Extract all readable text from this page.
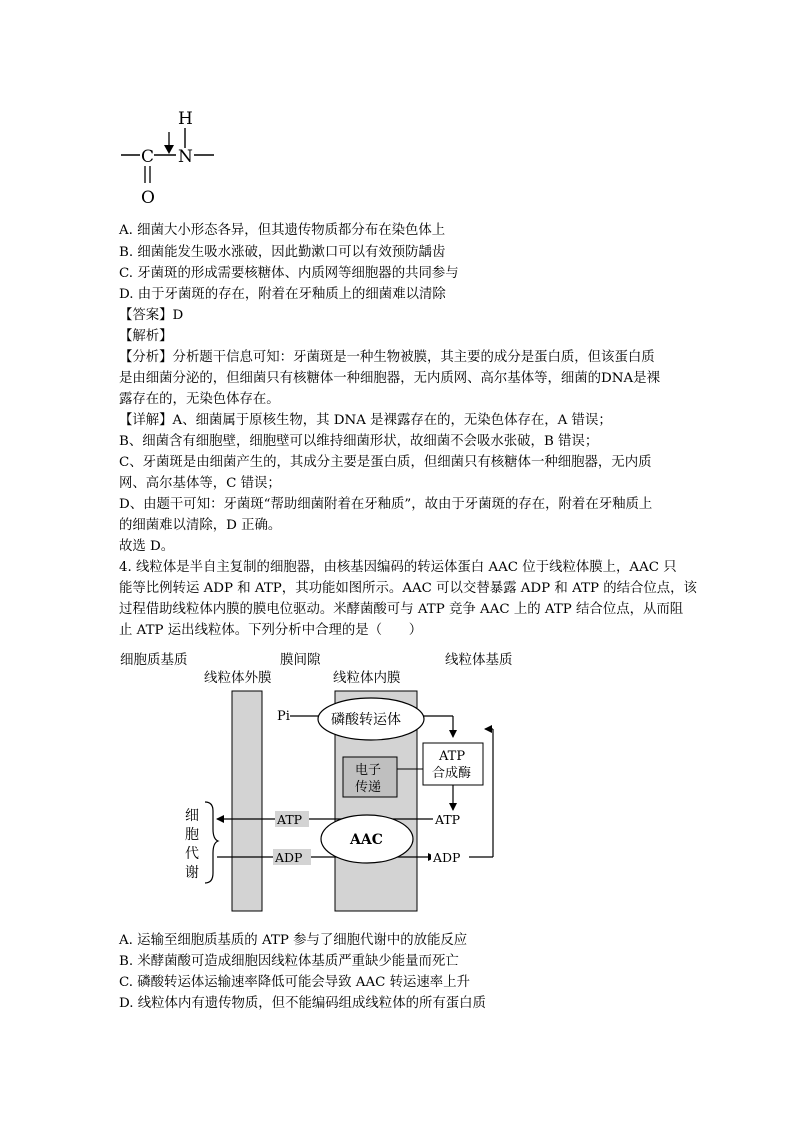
H
C N
O
A. 细菌大小形态各异，但其遗传物质都分布在染色体上
B. 细菌能发生吸水涨破，因此勤漱口可以有效预防龋齿
C. 牙菌斑的形成需要核糖体、内质网等细胞器的共同参与
D. 由于牙菌斑的存在，附着在牙釉质上的细菌难以清除
【答案】D
【解析】
【分析】分析题干信息可知：牙菌斑是一种生物被膜，其主要的成分是蛋白质，但该蛋白质
是由细菌分泌的，但细菌只有核糖体一种细胞器，无内质网、高尔基体等，细菌的DNA是裸
露存在的，无染色体存在。
【详解】A、细菌属于原核生物，其 DNA 是裸露存在的，无染色体存在，A 错误；
B、细菌含有细胞壁，细胞壁可以维持细菌形状，故细菌不会吸水张破，B 错误；
C、牙菌斑是由细菌产生的，其成分主要是蛋白质，但细菌只有核糖体一种细胞器，无内质
网、高尔基体等，C 错误；
D、由题干可知：牙菌斑“帮助细菌附着在牙釉质”，故由于牙菌斑的存在，附着在牙釉质上
的细菌难以清除，D 正确。
故选 D。
4. 线粒体是半自主复制的细胞器，由核基因编码的转运体蛋白 AAC 位于线粒体膜上，AAC 只
能等比例转运 ADP 和 ATP，其功能如图所示。AAC 可以交替暴露 ADP 和 ATP 的结合位点，该
过程借助线粒体内膜的膜电位驱动。米酵菌酸可与 ATP 竞争 AAC 上的 ATP 结合位点，从而阻
止 ATP 运出线粒体。下列分析中合理的是（　　）
细胞质基质	膜间隙	线粒体基质
线粒体外膜	线粒体内膜
电子
传递
Pi	磷酸转运体
ATP
合成酶
ATP
ADP
ATP
ADP
AAC
细
胞
代
谢
A. 运输至细胞质基质的 ATP 参与了细胞代谢中的放能反应
B. 米酵菌酸可造成细胞因线粒体基质严重缺少能量而死亡
C. 磷酸转运体运输速率降低可能会导致 AAC 转运速率上升
D. 线粒体内有遗传物质，但不能编码组成线粒体的所有蛋白质
